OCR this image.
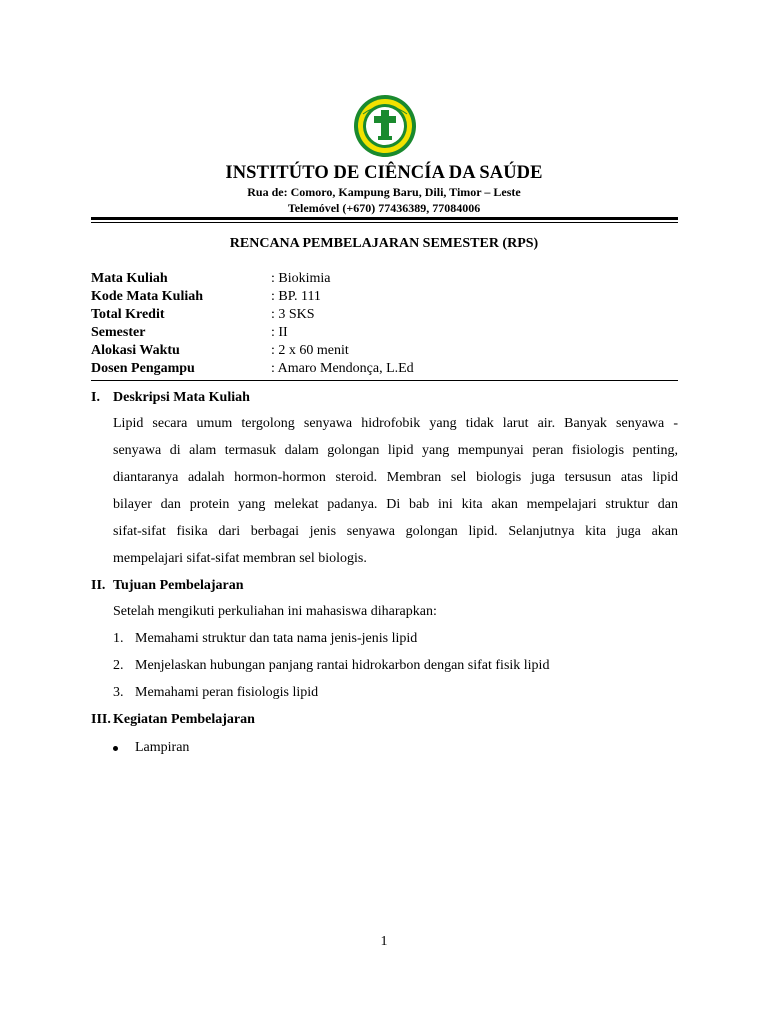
INSTITÚTO DE CIÊNCÍA DA SAÚDE
Rua de: Comoro, Kampung Baru, Dili, Timor – Leste
Telemóvel (+670) 77436389, 77084006
RENCANA PEMBELAJARAN SEMESTER (RPS)
Mata Kuliah	: Biokimia
Kode Mata Kuliah	: BP. 111
Total Kredit	: 3 SKS
Semester	: II
Alokasi Waktu	: 2 x 60 menit
Dosen Pengampu	: Amaro Mendonça, L.Ed
I. Deskripsi Mata Kuliah
Lipid secara umum tergolong senyawa hidrofobik yang tidak larut air. Banyak senyawa -
senyawa di alam termasuk dalam golongan lipid yang mempunyai peran fisiologis penting,
diantaranya adalah hormon-hormon steroid. Membran sel biologis juga tersusun atas lipid
bilayer dan protein yang melekat padanya. Di bab ini kita akan mempelajari struktur dan
sifat-sifat fisika dari berbagai jenis senyawa golongan lipid. Selanjutnya kita juga akan
mempelajari sifat-sifat membran sel biologis.
II. Tujuan Pembelajaran
Setelah mengikuti perkuliahan ini mahasiswa diharapkan:
1. Memahami struktur dan tata nama jenis-jenis lipid
2. Menjelaskan hubungan panjang rantai hidrokarbon dengan sifat fisik lipid
3. Memahami peran fisiologis lipid
III. Kegiatan Pembelajaran
Lampiran
1
